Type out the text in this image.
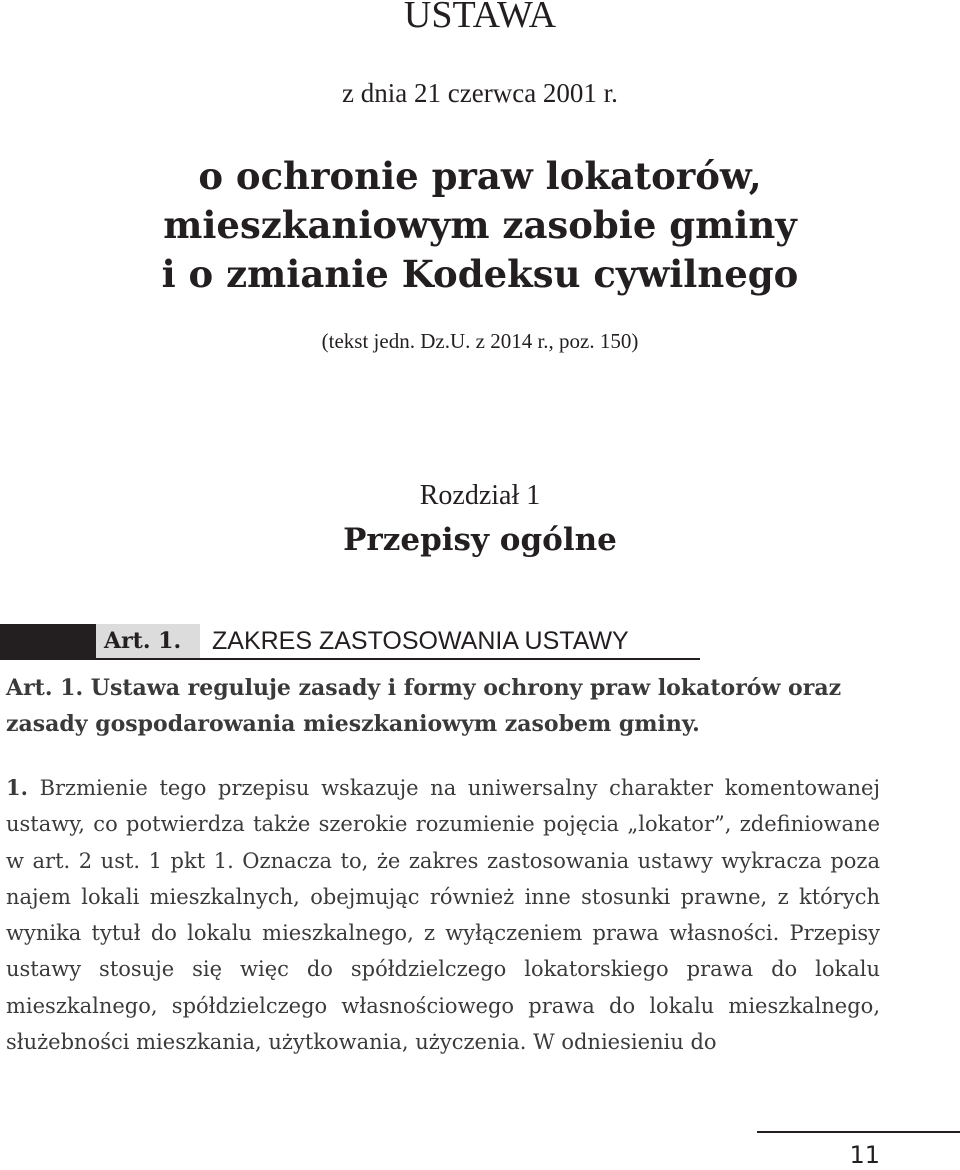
USTAWA
z dnia 21 czerwca 2001 r.
o ochronie praw lokatorów,
mieszkaniowym zasobie gminy
i o zmianie Kodeksu cywilnego
(tekst jedn. Dz.U. z 2014 r., poz. 150)
Rozdział 1
Przepisy ogólne
Art. 1.	ZAKRES ZASTOSOWANIA USTAWY
Art. 1. Ustawa reguluje zasady i formy ochrony praw lokatorów oraz zasady gospodarowania mieszkaniowym zasobem gminy.
1. Brzmienie tego przepisu wskazuje na uniwersalny charakter komentowanej ustawy, co potwierdza także szerokie rozumienie pojęcia „lokator”, zdefiniowane w art. 2 ust. 1 pkt 1. Oznacza to, że zakres zastosowania ustawy wykracza poza najem lokali mieszkalnych, obejmując również inne stosunki prawne, z których wynika tytuł do lokalu mieszkalnego, z wyłączeniem prawa własności. Przepisy ustawy stosuje się więc do spółdzielczego lokatorskiego prawa do lokalu mieszkalnego, spółdzielczego własnościowego prawa do lokalu mieszkalnego, służebności mieszkania, użytkowania, użyczenia. W odniesieniu do
11
